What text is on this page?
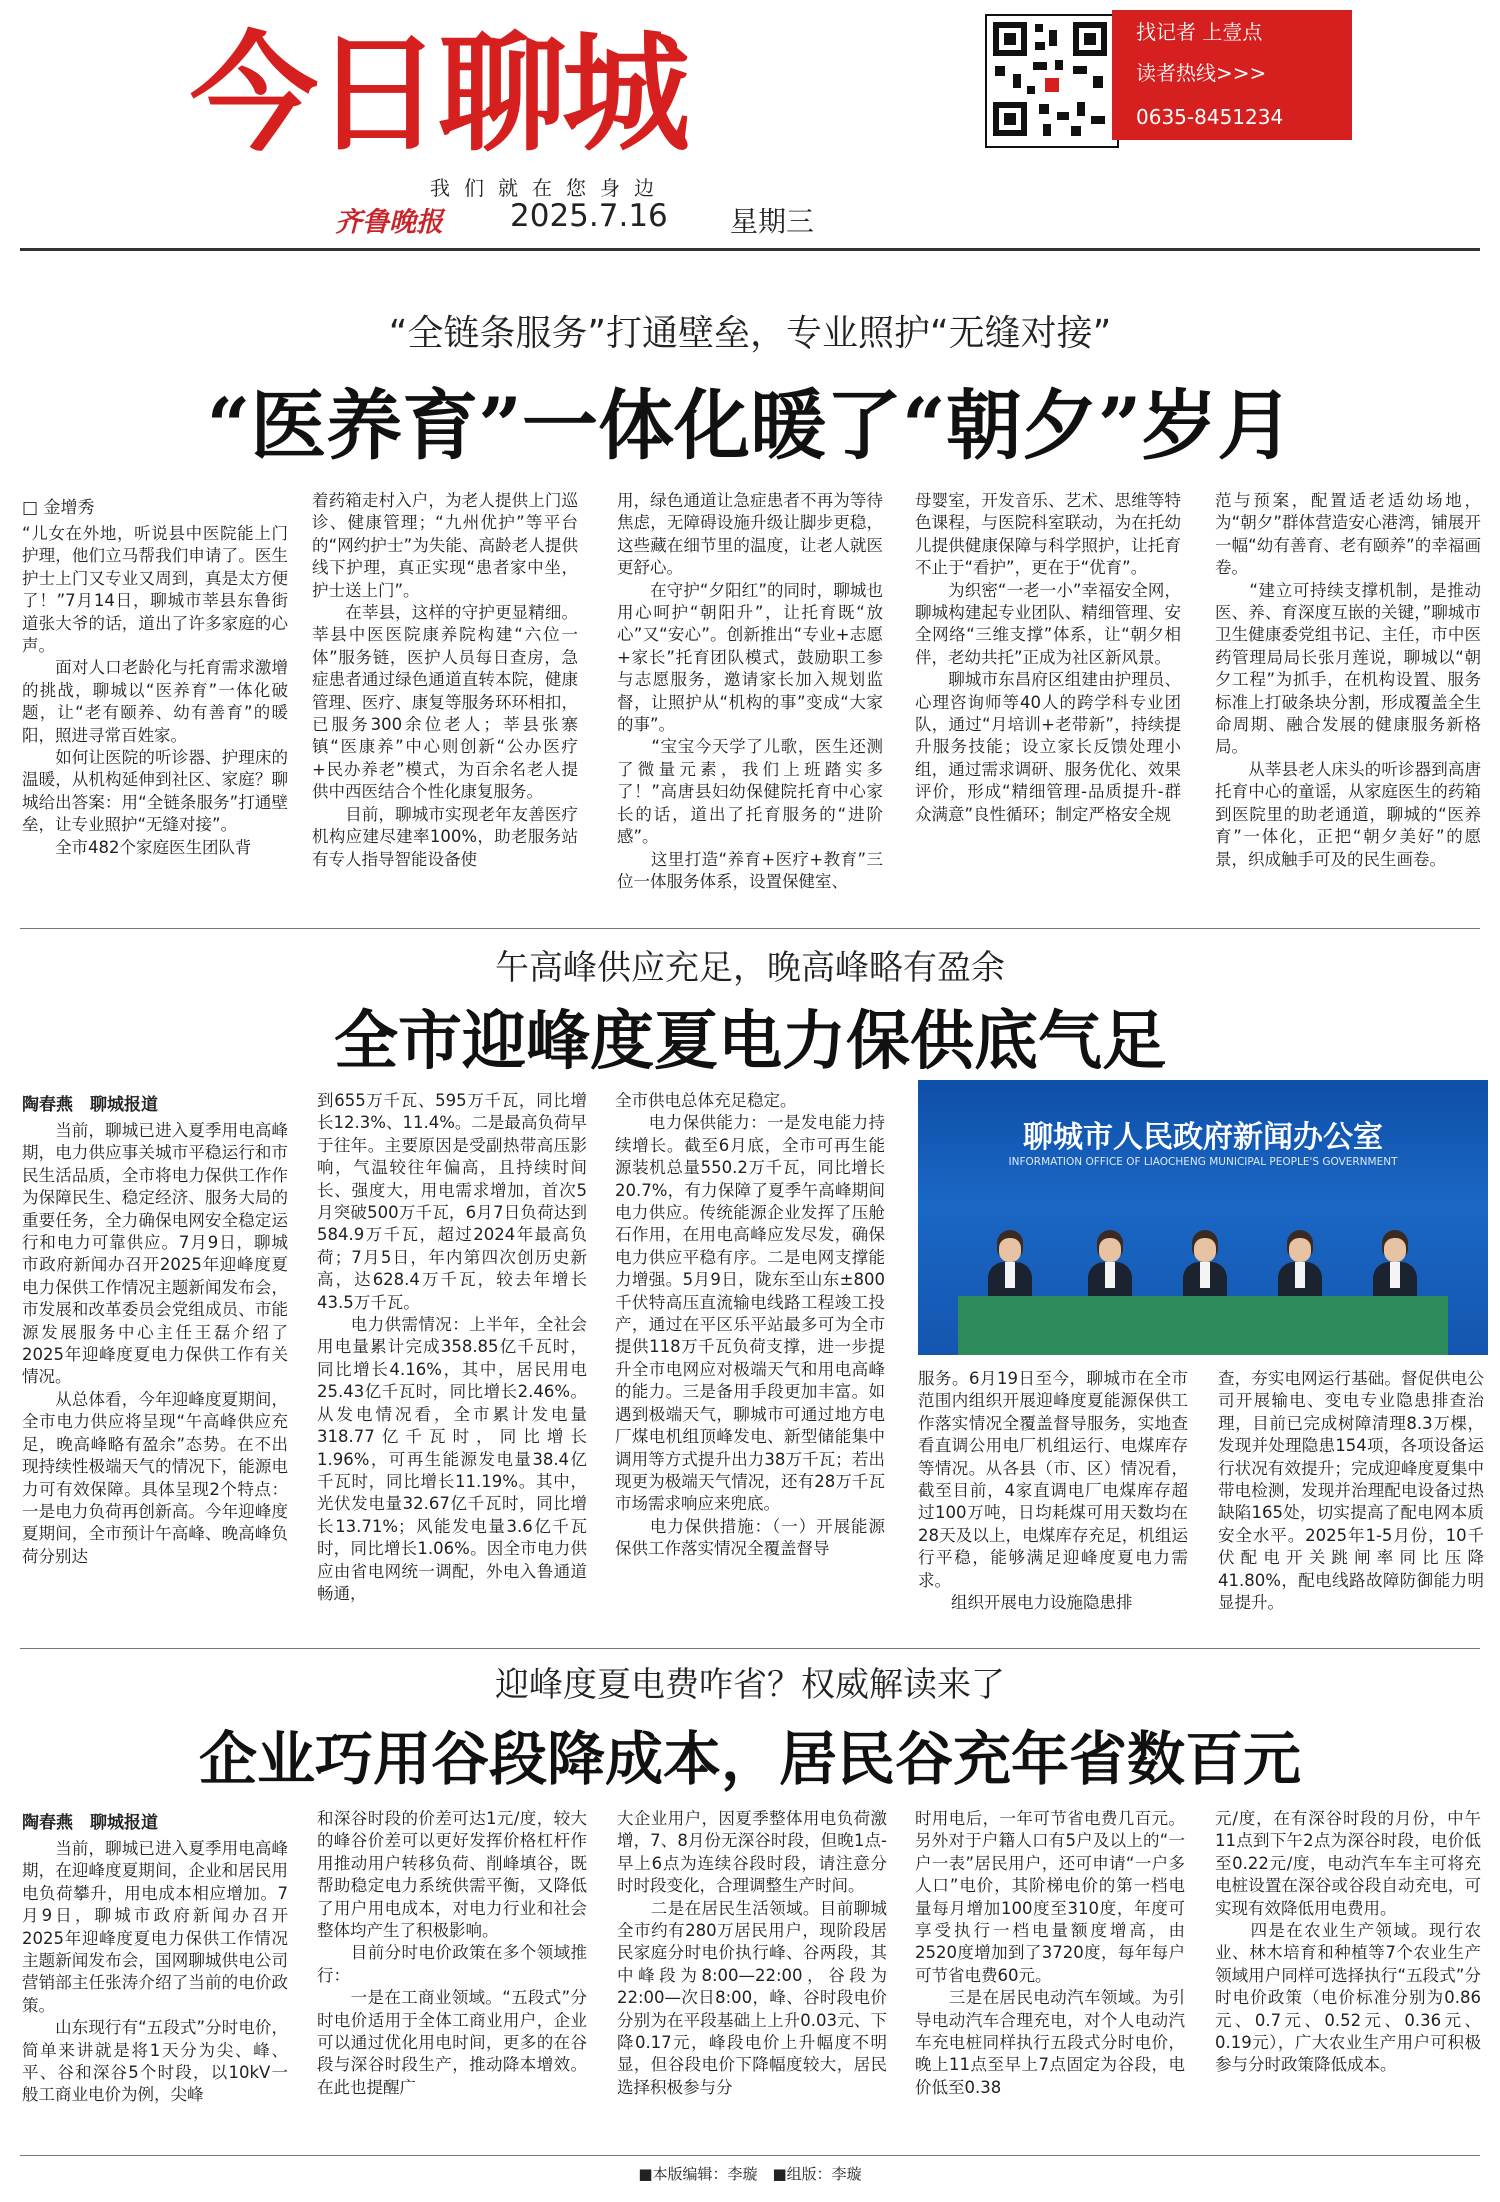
今日聊城
我们就在您身边
齐鲁晚报 2025.7.16 星期三
找记者 上壹点
读者热线>>>
0635-8451234
“全链条服务”打通壁垒，专业照护“无缝对接”
“医养育”一体化暖了“朝夕”岁月
□ 金增秀
“儿女在外地，听说县中医院能上门护理，他们立马帮我们申请了。医生护士上门又专业又周到，真是太方便了！”7月14日，聊城市莘县东鲁街道张大爷的话，道出了许多家庭的心声。
　　面对人口老龄化与托育需求激增的挑战，聊城以“医养育”一体化破题，让“老有颐养、幼有善育”的暖阳，照进寻常百姓家。
　　如何让医院的听诊器、护理床的温暖，从机构延伸到社区、家庭？聊城给出答案：用“全链条服务”打通壁垒，让专业照护“无缝对接”。
　　全市482个家庭医生团队背
着药箱走村入户，为老人提供上门巡诊、健康管理；“九州优护”等平台的“网约护士”为失能、高龄老人提供线下护理，真正实现“患者家中坐，护士送上门”。
　　在莘县，这样的守护更显精细。莘县中医医院康养院构建“六位一体”服务链，医护人员每日查房，急症患者通过绿色通道直转本院，健康管理、医疗、康复等服务环环相扣，已服务300余位老人；莘县张寨镇“医康养”中心则创新“公办医疗+民办养老”模式，为百余名老人提供中西医结合个性化康复服务。
　　目前，聊城市实现老年友善医疗机构应建尽建率100%，助老服务站有专人指导智能设备使
用，绿色通道让急症患者不再为等待焦虑，无障碍设施升级让脚步更稳，这些藏在细节里的温度，让老人就医更舒心。
　　在守护“夕阳红”的同时，聊城也用心呵护“朝阳升”，让托育既“放心”又“安心”。创新推出“专业+志愿+家长”托育团队模式，鼓励职工参与志愿服务，邀请家长加入规划监督，让照护从“机构的事”变成“大家的事”。
　　“宝宝今天学了儿歌，医生还测了微量元素，我们上班踏实多了！”高唐县妇幼保健院托育中心家长的话，道出了托育服务的“进阶感”。
　　这里打造“养育+医疗+教育”三位一体服务体系，设置保健室、
母婴室，开发音乐、艺术、思维等特色课程，与医院科室联动，为在托幼儿提供健康保障与科学照护，让托育不止于“看护”，更在于“优育”。
　　为织密“一老一小”幸福安全网，聊城构建起专业团队、精细管理、安全网络“三维支撑”体系，让“朝夕相伴，老幼共托”正成为社区新风景。
　　聊城市东昌府区组建由护理员、心理咨询师等40人的跨学科专业团队，通过“月培训+老带新”，持续提升服务技能；设立家长反馈处理小组，通过需求调研、服务优化、效果评价，形成“精细管理-品质提升-群众满意”良性循环；制定严格安全规
范与预案，配置适老适幼场地，为“朝夕”群体营造安心港湾，铺展开一幅“幼有善育、老有颐养”的幸福画卷。
　　“建立可持续支撑机制，是推动医、养、育深度互嵌的关键，”聊城市卫生健康委党组书记、主任，市中医药管理局局长张月莲说，聊城以“朝夕工程”为抓手，在机构设置、服务标准上打破条块分割，形成覆盖全生命周期、融合发展的健康服务新格局。
　　从莘县老人床头的听诊器到高唐托育中心的童谣，从家庭医生的药箱到医院里的助老通道，聊城的“医养育”一体化，正把“朝夕美好”的愿景，织成触手可及的民生画卷。
午高峰供应充足，晚高峰略有盈余
全市迎峰度夏电力保供底气足
陶春燕　聊城报道
　　当前，聊城已进入夏季用电高峰期，电力供应事关城市平稳运行和市民生活品质，全市将电力保供工作作为保障民生、稳定经济、服务大局的重要任务，全力确保电网安全稳定运行和电力可靠供应。7月9日，聊城市政府新闻办召开2025年迎峰度夏电力保供工作情况主题新闻发布会，市发展和改革委员会党组成员、市能源发展服务中心主任王磊介绍了2025年迎峰度夏电力保供工作有关情况。
　　从总体看，今年迎峰度夏期间，全市电力供应将呈现“午高峰供应充足，晚高峰略有盈余”态势。在不出现持续性极端天气的情况下，能源电力可有效保障。具体呈现2个特点：一是电力负荷再创新高。今年迎峰度夏期间，全市预计午高峰、晚高峰负荷分别达
到655万千瓦、595万千瓦，同比增长12.3%、11.4%。二是最高负荷早于往年。主要原因是受副热带高压影响，气温较往年偏高，且持续时间长、强度大，用电需求增加，首次5月突破500万千瓦，6月7日负荷达到584.9万千瓦，超过2024年最高负荷；7月5日，年内第四次创历史新高，达628.4万千瓦，较去年增长43.5万千瓦。
　　电力供需情况：上半年，全社会用电量累计完成358.85亿千瓦时，同比增长4.16%，其中，居民用电25.43亿千瓦时，同比增长2.46%。从发电情况看，全市累计发电量318.77亿千瓦时，同比增长1.96%，可再生能源发电量38.4亿千瓦时，同比增长11.19%。其中，光伏发电量32.67亿千瓦时，同比增长13.71%；风能发电量3.6亿千瓦时，同比增长1.06%。因全市电力供应由省电网统一调配，外电入鲁通道畅通，
全市供电总体充足稳定。
　　电力保供能力：一是发电能力持续增长。截至6月底，全市可再生能源装机总量550.2万千瓦，同比增长20.7%，有力保障了夏季午高峰期间电力供应。传统能源企业发挥了压舱石作用，在用电高峰应发尽发，确保电力供应平稳有序。二是电网支撑能力增强。5月9日，陇东至山东±800千伏特高压直流输电线路工程竣工投产，通过在平区乐平站最多可为全市提供118万千瓦负荷支撑，进一步提升全市电网应对极端天气和用电高峰的能力。三是备用手段更加丰富。如遇到极端天气，聊城市可通过地方电厂煤电机组顶峰发电、新型储能集中调用等方式提升出力38万千瓦；若出现更为极端天气情况，还有28万千瓦市场需求响应来兜底。
　　电力保供措施：（一）开展能源保供工作落实情况全覆盖督导
聊城市人民政府新闻办公室
INFORMATION OFFICE OF LIAOCHENG MUNICIPAL PEOPLE'S GOVERNMENT
服务。6月19日至今，聊城市在全市范围内组织开展迎峰度夏能源保供工作落实情况全覆盖督导服务，实地查看直调公用电厂机组运行、电煤库存等情况。从各县（市、区）情况看，截至目前，4家直调电厂电煤库存超过100万吨，日均耗煤可用天数均在28天及以上，电煤库存充足，机组运行平稳，能够满足迎峰度夏电力需求。
　　组织开展电力设施隐患排
查，夯实电网运行基础。督促供电公司开展输电、变电专业隐患排查治理，目前已完成树障清理8.3万棵，发现并处理隐患154项，各项设备运行状况有效提升；完成迎峰度夏集中带电检测，发现并治理配电设备过热缺陷165处，切实提高了配电网本质安全水平。2025年1-5月份，10千伏配电开关跳闸率同比压降41.80%，配电线路故障防御能力明显提升。
迎峰度夏电费咋省？权威解读来了
企业巧用谷段降成本，居民谷充年省数百元
陶春燕　聊城报道
　　当前，聊城已进入夏季用电高峰期，在迎峰度夏期间，企业和居民用电负荷攀升，用电成本相应增加。7月9日，聊城市政府新闻办召开2025年迎峰度夏电力保供工作情况主题新闻发布会，国网聊城供电公司营销部主任张涛介绍了当前的电价政策。
　　山东现行有“五段式”分时电价，简单来讲就是将1天分为尖、峰、平、谷和深谷5个时段，以10kV一般工商业电价为例，尖峰
和深谷时段的价差可达1元/度，较大的峰谷价差可以更好发挥价格杠杆作用推动用户转移负荷、削峰填谷，既帮助稳定电力系统供需平衡，又降低了用户用电成本，对电力行业和社会整体均产生了积极影响。
　　目前分时电价政策在多个领域推行：
　　一是在工商业领域。“五段式”分时电价适用于全体工商业用户，企业可以通过优化用电时间，更多的在谷段与深谷时段生产，推动降本增效。在此也提醒广
大企业用户，因夏季整体用电负荷激增，7、8月份无深谷时段，但晚1点-早上6点为连续谷段时段，请注意分时时段变化，合理调整生产时间。
　　二是在居民生活领域。目前聊城全市约有280万居民用户，现阶段居民家庭分时电价执行峰、谷两段，其中峰段为8:00—22:00，谷段为22:00—次日8:00，峰、谷时段电价分别为在平段基础上上升0.03元、下降0.17元，峰段电价上升幅度不明显，但谷段电价下降幅度较大，居民选择积极参与分
时用电后，一年可节省电费几百元。另外对于户籍人口有5户及以上的“一户一表”居民用户，还可申请“一户多人口”电价，其阶梯电价的第一档电量每月增加100度至310度，年度可享受执行一档电量额度增高，由2520度增加到了3720度，每年每户可节省电费60元。
　　三是在居民电动汽车领域。为引导电动汽车合理充电，对个人电动汽车充电桩同样执行五段式分时电价，晚上11点至早上7点固定为谷段，电价低至0.38
元/度，在有深谷时段的月份，中午11点到下午2点为深谷时段，电价低至0.22元/度，电动汽车车主可将充电桩设置在深谷或谷段自动充电，可实现有效降低用电费用。
　　四是在农业生产领域。现行农业、林木培育和种植等7个农业生产领域用户同样可选择执行“五段式”分时电价政策（电价标准分别为0.86元、0.7元、0.52元、0.36元、0.19元），广大农业生产用户可积极参与分时政策降低成本。
■本版编辑：李璇　■组版：李璇
